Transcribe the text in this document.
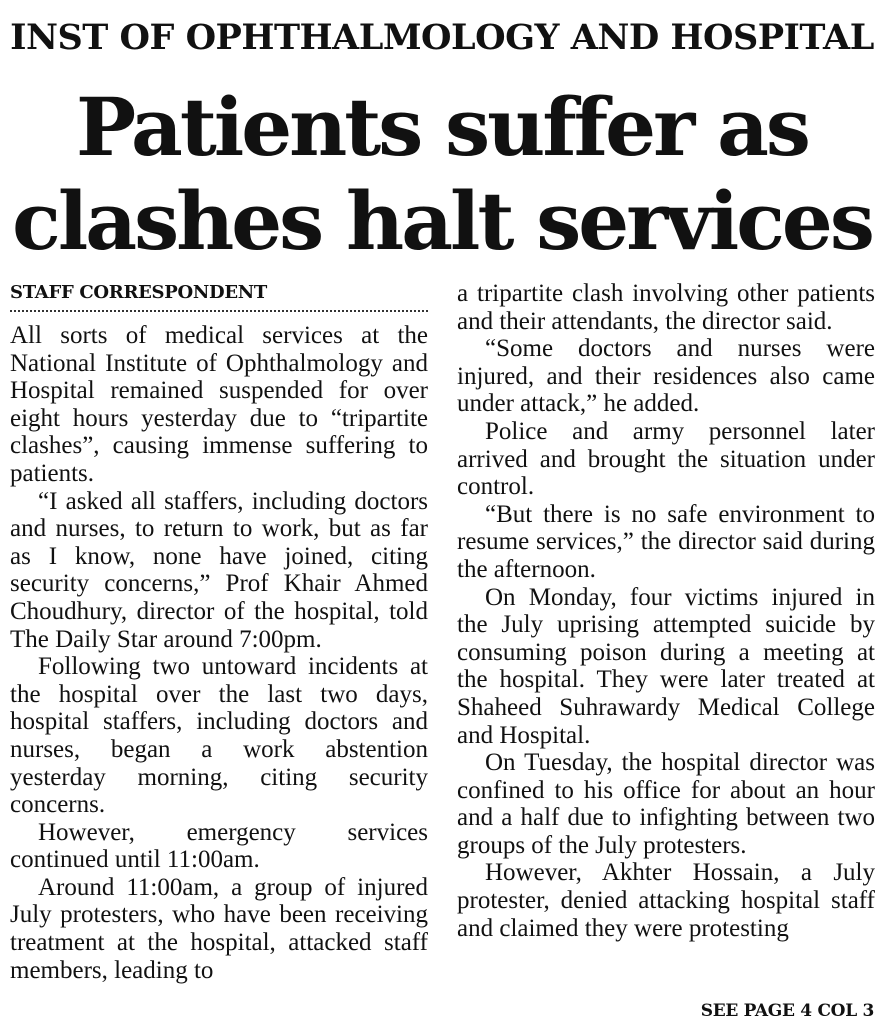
INST OF OPHTHALMOLOGY AND HOSPITAL
Patients suffer as
clashes halt services
STAFF CORRESPONDENT

All sorts of medical services at the National Institute of Ophthalmology and Hospital remained suspended for over eight hours yesterday due to “tripartite clashes”, causing immense suffering to patients.

“I asked all staffers, including doctors and nurses, to return to work, but as far as I know, none have joined, citing security concerns,” Prof Khair Ahmed Choudhury, director of the hospital, told The Daily Star around 7:00pm.

Following two untoward incidents at the hospital over the last two days, hospital staffers, including doctors and nurses, began a work abstention yesterday morning, citing security concerns.

However, emergency services continued until 11:00am.

Around 11:00am, a group of injured July protesters, who have been receiving treatment at the hospital, attacked staff members, leading to

a tripartite clash involving other patients and their attendants, the director said.

“Some doctors and nurses were injured, and their residences also came under attack,” he added.

Police and army personnel later arrived and brought the situation under control.

“But there is no safe environment to resume services,” the director said during the afternoon.

On Monday, four victims injured in the July uprising attempted suicide by consuming poison during a meeting at the hospital. They were later treated at Shaheed Suhrawardy Medical College and Hospital.

On Tuesday, the hospital director was confined to his office for about an hour and a half due to infighting between two groups of the July protesters.

However, Akhter Hossain, a July protester, denied attacking hospital staff and claimed they were protesting

SEE PAGE 4 COL 3
